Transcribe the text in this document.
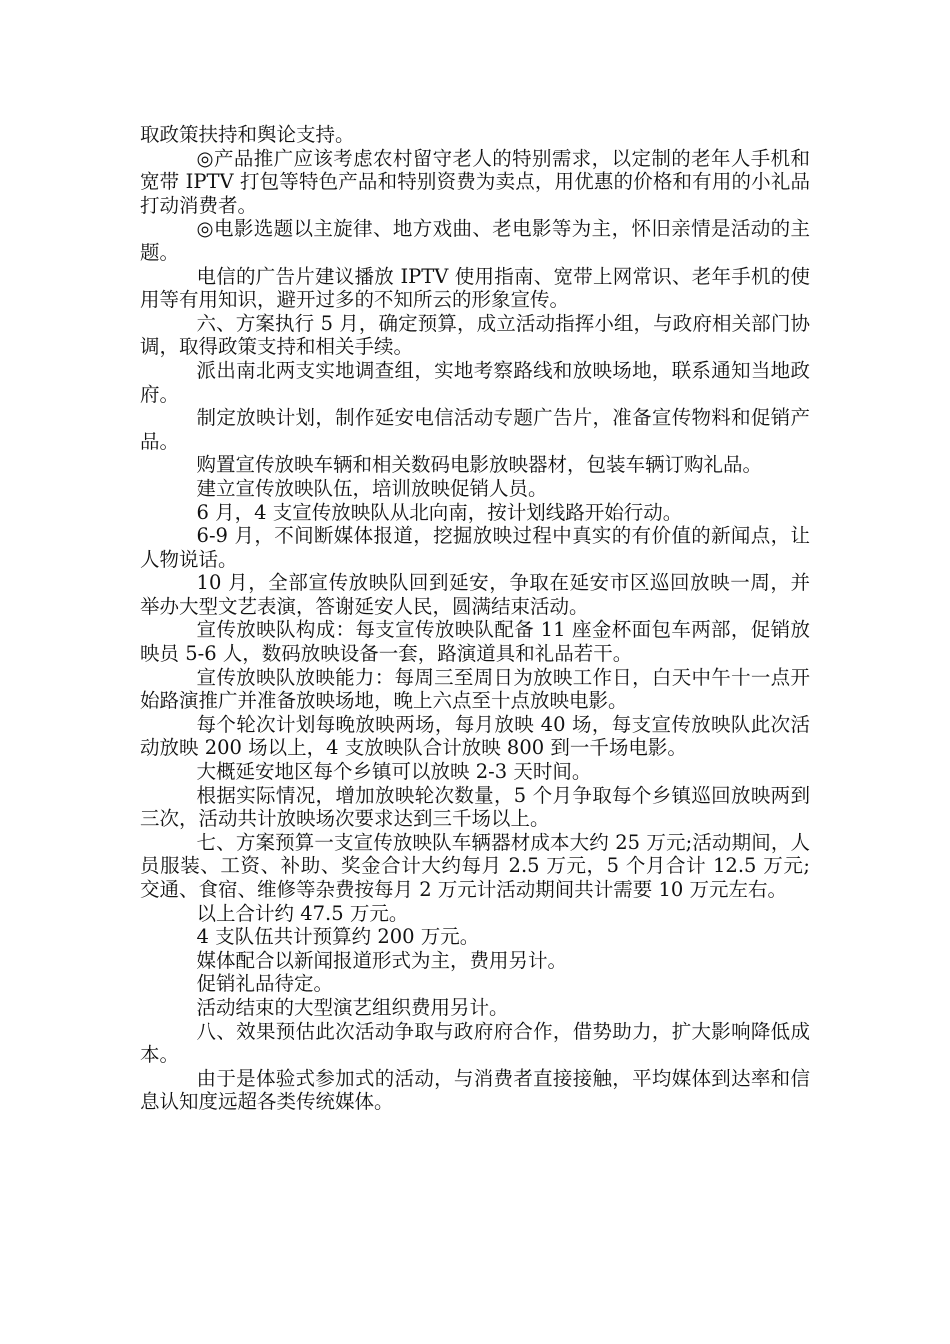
取政策扶持和舆论支持。

◎产品推广应该考虑农村留守老人的特别需求，以定制的老年人手机和宽带 IPTV 打包等特色产品和特别资费为卖点，用优惠的价格和有用的小礼品打动消费者。

◎电影选题以主旋律、地方戏曲、老电影等为主，怀旧亲情是活动的主题。

电信的广告片建议播放 IPTV 使用指南、宽带上网常识、老年手机的使用等有用知识，避开过多的不知所云的形象宣传。

六、方案执行 5 月，确定预算，成立活动指挥小组，与政府相关部门协调，取得政策支持和相关手续。

派出南北两支实地调查组，实地考察路线和放映场地，联系通知当地政府。

制定放映计划，制作延安电信活动专题广告片，准备宣传物料和促销产品。

购置宣传放映车辆和相关数码电影放映器材，包装车辆订购礼品。

建立宣传放映队伍，培训放映促销人员。

6 月，4 支宣传放映队从北向南，按计划线路开始行动。

6-9 月，不间断媒体报道，挖掘放映过程中真实的有价值的新闻点，让人物说话。

10 月，全部宣传放映队回到延安，争取在延安市区巡回放映一周，并举办大型文艺表演，答谢延安人民，圆满结束活动。

宣传放映队构成：每支宣传放映队配备 11 座金杯面包车两部，促销放映员 5-6 人，数码放映设备一套，路演道具和礼品若干。

宣传放映队放映能力：每周三至周日为放映工作日，白天中午十一点开始路演推广并准备放映场地，晚上六点至十点放映电影。

每个轮次计划每晚放映两场，每月放映 40 场，每支宣传放映队此次活动放映 200 场以上，4 支放映队合计放映 800 到一千场电影。

大概延安地区每个乡镇可以放映 2-3 天时间。

根据实际情况，增加放映轮次数量，5 个月争取每个乡镇巡回放映两到三次，活动共计放映场次要求达到三千场以上。

七、方案预算一支宣传放映队车辆器材成本大约 25 万元;活动期间，人员服装、工资、补助、奖金合计大约每月 2.5 万元，5 个月合计 12.5 万元;交通、食宿、维修等杂费按每月 2 万元计活动期间共计需要 10 万元左右。

以上合计约 47.5 万元。

4 支队伍共计预算约 200 万元。

媒体配合以新闻报道形式为主，费用另计。

促销礼品待定。

活动结束的大型演艺组织费用另计。

八、效果预估此次活动争取与政府府合作，借势助力，扩大影响降低成本。

由于是体验式参加式的活动，与消费者直接接触，平均媒体到达率和信息认知度远超各类传统媒体。
